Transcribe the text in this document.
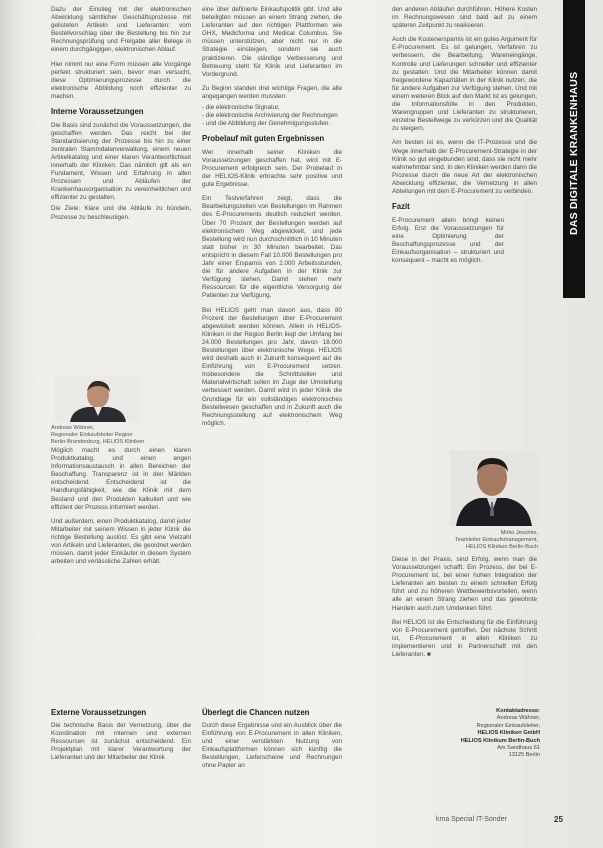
Dazu der Einstieg mit der elektronischen Abwicklung sämtlicher Geschäftsprozesse mit gelisteten Artikeln und Lieferanten: vom Bestellvorschlag über die Bestellung bis hin zur Rechnungsprüfung und Freigabe aller Belege in einem durchgängigen, elektronischen Ablauf.
Hier nimmt nur eine Form müssen alle Vorgänge perfekt strukturiert sein, bevor man versucht, diese Optimierungsprozesse durch die elektronische Abbildung noch effizienter zu machen.
Interne Voraussetzungen
Die Basis sind zunächst die Voraussetzungen, die geschaffen werden. Das reicht bei der Standardisierung der Prozesse bis hin zu einer zentralen Stammdatenverwaltung, einem neuen Artikelkatalog und einer klaren Verantwortlichkeit innerhalb der Kliniken. Das nämlich gilt als ein Fundament, Wissen und Erfahrung in allen Prozessen und Abläufen der Krankenhausorganisation zu vereinheitlichen und effizienter zu gestalten.
Die Ziele: Klare und die Abläufe zu bündeln, Prozesse zu beschleunigen.
Andreas Wähner,
Regionaler Einkaufsleiter Region
Berlin-Brandenburg, HELIOS Kliniken
Möglich macht es durch einen klaren Produktkatalog, und einen engen Informationsaustausch in allen Bereichen der Beschaffung. Transparenz ist in den Märkten entscheidend. Entscheidend ist die Handlungsfähigkeit, wie die Klinik mit dem Bestand und den Produkten kalkuliert und wie effizient der Prozess informiert werden.
Und außerdem, einen Produktkatalog, damit jeder Mitarbeiter mit seinem Wissen in jeder Klinik die richtige Bestellung auslöst. Es gibt eine Vielzahl von Artikeln und Lieferanten, die geordnet werden müssen, damit jeder Einkäufer in diesem System arbeiten und verlässliche Zahlen erhält.
Externe Voraussetzungen
Die technische Basis der Vernetzung, über die Koordination mit internen und externen Ressourcen ist zunächst entscheidend. Ein Projektplan mit klarer Verantwortung der Lieferanten und der Mitarbeiter der Klinik
eine über definierte Einkaufspolitik gibt. Und alle beteiligten müssen an einem Strang ziehen, die Lieferanten auf den richtigen Plattformen wie GHX, Medicforma und Medical Columbus. Sie müssen unterstützen, aber nicht nur in die Strategie einsteigen, sondern sie auch praktizieren. Die ständige Verbesserung und Betreuung steht für Klinik und Lieferanten im Vordergrund.
Zu Beginn standen drei wichtige Fragen, die alle angegangen werden mussten:
- die elektronische Signatur,
- die elektronische Archivierung der Rechnungen
- und die Abbildung der Genehmigungsstufen.
Probelauf mit guten Ergebnissen
Wer innerhalb seiner Kliniken die Voraussetzungen geschaffen hat, wird mit E-Procurement erfolgreich sein. Der Probelauf in der HELIOS-Klinik erbrachte sehr positive und gute Ergebnisse.
Ein Testverfahren zeigt, dass die Bearbeitungszeiten von Bestellungen im Rahmen des E-Procurements deutlich reduziert werden. Über 70 Prozent der Bestellungen werden auf elektronischem Weg abgewickelt, und jede Bestellung wird nun durchschnittlich in 10 Minuten statt bisher in 30 Minuten bearbeitet. Das entspricht in diesem Fall 10.000 Bestellungen pro Jahr einer Ersparnis von 2.000 Arbeitsstunden, die für andere Aufgaben in der Klinik zur Verfügung stehen. Damit stehen mehr Ressourcen für die eigentliche Versorgung der Patienten zur Verfügung.
Bei HELIOS geht man davon aus, dass 80 Prozent der Bestellungen über E-Procurement abgewickelt werden können. Allein in HELIOS-Kliniken in der Region Berlin liegt der Umfang bei 24.000 Bestellungen pro Jahr, davon 18.000 Bestellungen über elektronische Wege. HELIOS wird deshalb auch in Zukunft konsequent auf die Einführung von E-Procurement setzen. Insbesondere die Schnittstellen und Materialwirtschaft sollen im Zuge der Umstellung verbessert werden. Damit wird in jeder Klinik die Grundlage für ein vollständiges elektronisches Bestellwesen geschaffen und in Zukunft auch die Rechnungsstellung auf elektronischem Weg möglich.
Überlegt die Chancen nutzen
Durch diese Ergebnisse und ein Ausblick über die Einführung von E-Procurement in allen Kliniken, und einer verstärkten Nutzung von Einkaufsplattformen können sich künftig die Bestellungen, Lieferscheine und Rechnungen ohne Papier an
den anderen Abläufen durchführen. Höhere Kosten im Rechnungswesen sind bald auf zu einem späteren Zeitpunkt zu realisieren.
Auch die Kostenersparnis ist ein gutes Argument für E-Procurement. Es ist gelungen, Verfahren zu verbessern, die Bearbeitung, Wareneingänge, Kontrolle und Lieferungen schneller und effizienter zu gestalten. Und die Mitarbeiter können damit freigewordene Kapazitäten in der Klinik nutzen, die für andere Aufgaben zur Verfügung stehen. Und mit einem weiteren Blick auf den Markt ist es gelungen, die Informationsfülle in den Produkten, Warengruppen und Lieferanten zu strukturieren, einzelne Bestellwege zu verkürzen und die Qualität zu steigern.
Am besten ist es, wenn die IT-Prozesse und die Wege innerhalb der E-Procurement-Strategie in der Klinik so gut eingebunden sind, dass sie nicht mehr wahrnehmbar sind. In den Kliniken werden dann die Prozesse durch die neue Art der elektronischen Abwicklung effizienter, die Vernetzung in allen Abteilungen mit dem E-Procurement zu verbinden.
Fazit
E-Procurement allein bringt keinen Erfolg. Erst die Voraussetzungen für eine Optimierung der Beschaffungsprozesse und der Einkaufsorganisation – strukturiert und konsequent – macht es möglich.
Mirko Jeschke,
Teamleiter Einkaufsmanagement,
HELIOS Kliniken Berlin-Buch
Diese in der Praxis, sind Erfolg, wenn man die Voraussetzungen schafft. Ein Prozess, der bei E-Procurement ist, bei einer hohen Integration der Lieferanten am besten zu einem schnellen Erfolg führt und zu höheren Wettbewerbsvorteilen, wenn alle an einem Strang ziehen und das gewohnte Handeln auch zum Umdenken führt.
Bei HELIOS ist die Entscheidung für die Einführung von E-Procurement getroffen. Der nächste Schritt ist, E-Procurement in allen Kliniken zu implementieren und in Partnerschaft mit den Lieferanten. ■
Kontaktadresse:
Andreas Wähner,
Regionaler Einkaufsleiter,
HELIOS Kliniken GmbH
HELIOS Klinikum Berlin-Buch
Am Sandhaus 61
13125 Berlin
DAS DIGITALE KRANKENHAUS
kma Special IT-Sonder	25
